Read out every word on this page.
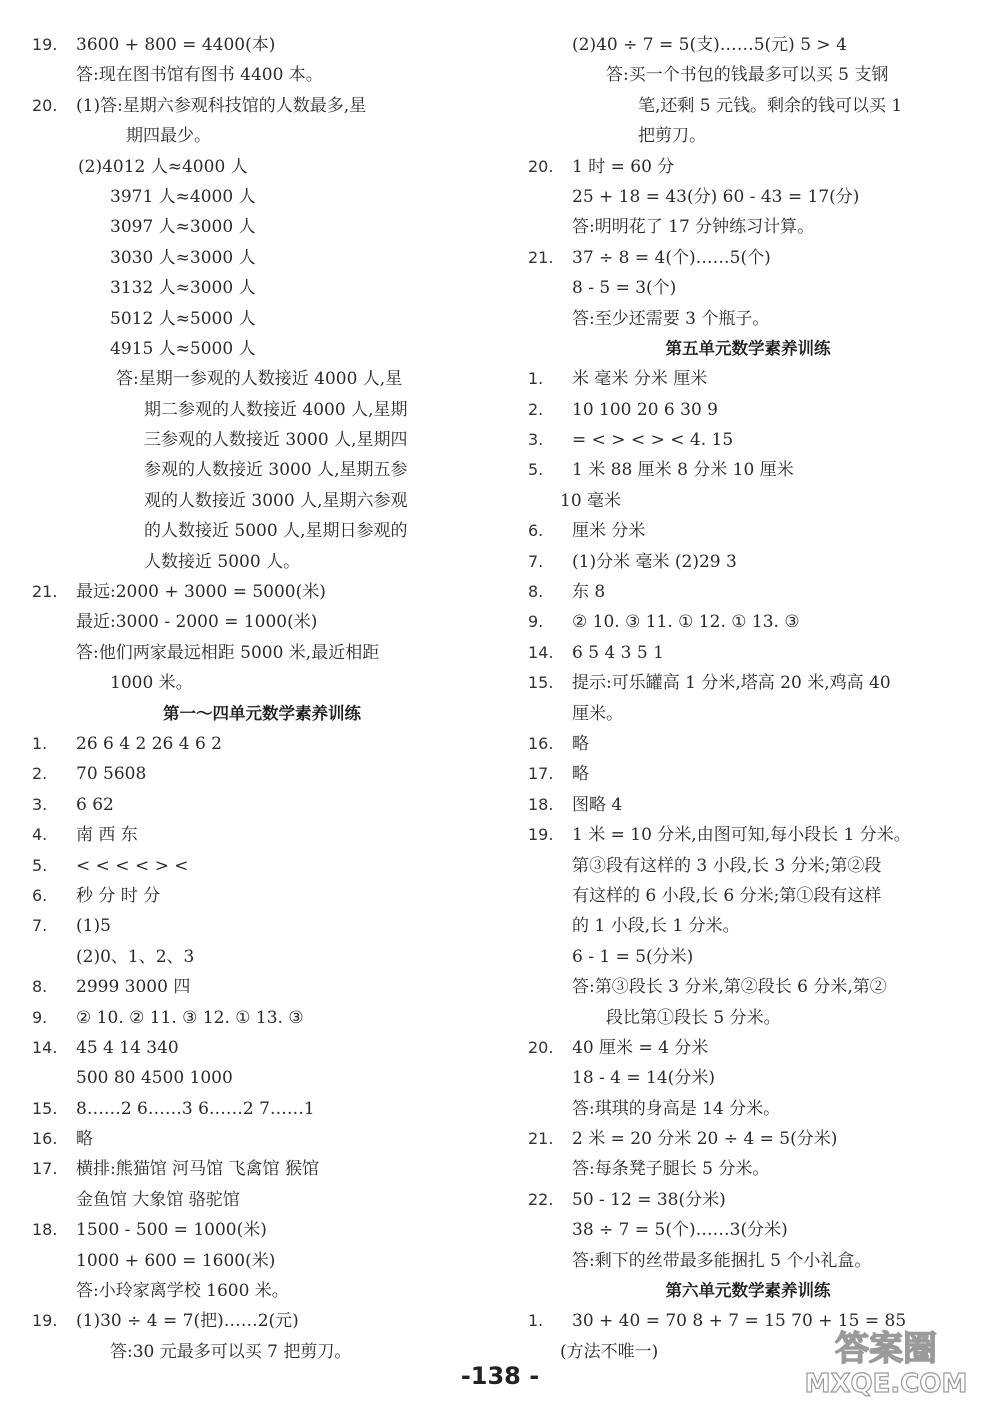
19. 3600 + 800 = 4400(本)
答:现在图书馆有图书 4400 本。
20. (1)答:星期六参观科技馆的人数最多,星
期四最少。
(2)4012 人≈4000 人
3971 人≈4000 人
3097 人≈3000 人
3030 人≈3000 人
3132 人≈3000 人
5012 人≈5000 人
4915 人≈5000 人
答:星期一参观的人数接近 4000 人,星
期二参观的人数接近 4000 人,星期
三参观的人数接近 3000 人,星期四
参观的人数接近 3000 人,星期五参
观的人数接近 3000 人,星期六参观
的人数接近 5000 人,星期日参观的
人数接近 5000 人。
21. 最远:2000 + 3000 = 5000(米)
最近:3000 - 2000 = 1000(米)
答:他们两家最远相距 5000 米,最近相距
1000 米。
第一～四单元数学素养训练
1. 26 6 4 2 26 4 6 2
2. 70 5608
3. 6 62
4. 南 西 东
5. < < < < > <
6. 秒 分 时 分
7. (1)5
(2)0、1、2、3
8. 2999 3000 四
9. ② 10. ② 11. ③ 12. ① 13. ③
14. 45 4 14 340
500 80 4500 1000
15. 8……2 6……3 6……2 7……1
16. 略
17. 横排:熊猫馆 河马馆 飞禽馆 猴馆
金鱼馆 大象馆 骆驼馆
18. 1500 - 500 = 1000(米)
1000 + 600 = 1600(米)
答:小玲家离学校 1600 米。
19. (1)30 ÷ 4 = 7(把)……2(元)
答:30 元最多可以买 7 把剪刀。
(2)40 ÷ 7 = 5(支)……5(元) 5 > 4
答:买一个书包的钱最多可以买 5 支钢
笔,还剩 5 元钱。剩余的钱可以买 1
把剪刀。
20. 1 时 = 60 分
25 + 18 = 43(分) 60 - 43 = 17(分)
答:明明花了 17 分钟练习计算。
21. 37 ÷ 8 = 4(个)……5(个)
8 - 5 = 3(个)
答:至少还需要 3 个瓶子。
第五单元数学素养训练
1. 米 毫米 分米 厘米
2. 10 100 20 6 30 9
3. = < > < > < 4. 15
5. 1 米 88 厘米 8 分米 10 厘米
10 毫米
6. 厘米 分米
7. (1)分米 毫米 (2)29 3
8. 东 8
9. ② 10. ③ 11. ① 12. ① 13. ③
14. 6 5 4 3 5 1
15. 提示:可乐罐高 1 分米,塔高 20 米,鸡高 40
厘米。
16. 略
17. 略
18. 图略 4
19. 1 米 = 10 分米,由图可知,每小段长 1 分米。
第③段有这样的 3 小段,长 3 分米;第②段
有这样的 6 小段,长 6 分米;第①段有这样
的 1 小段,长 1 分米。
6 - 1 = 5(分米)
答:第③段长 3 分米,第②段长 6 分米,第②
段比第①段长 5 分米。
20. 40 厘米 = 4 分米
18 - 4 = 14(分米)
答:琪琪的身高是 14 分米。
21. 2 米 = 20 分米 20 ÷ 4 = 5(分米)
答:每条凳子腿长 5 分米。
22. 50 - 12 = 38(分米)
38 ÷ 7 = 5(个)……3(分米)
答:剩下的丝带最多能捆扎 5 个小礼盒。
第六单元数学素养训练
1. 30 + 40 = 70 8 + 7 = 15 70 + 15 = 85
(方法不唯一)
-138 -
答案圈
MXQE.COM
